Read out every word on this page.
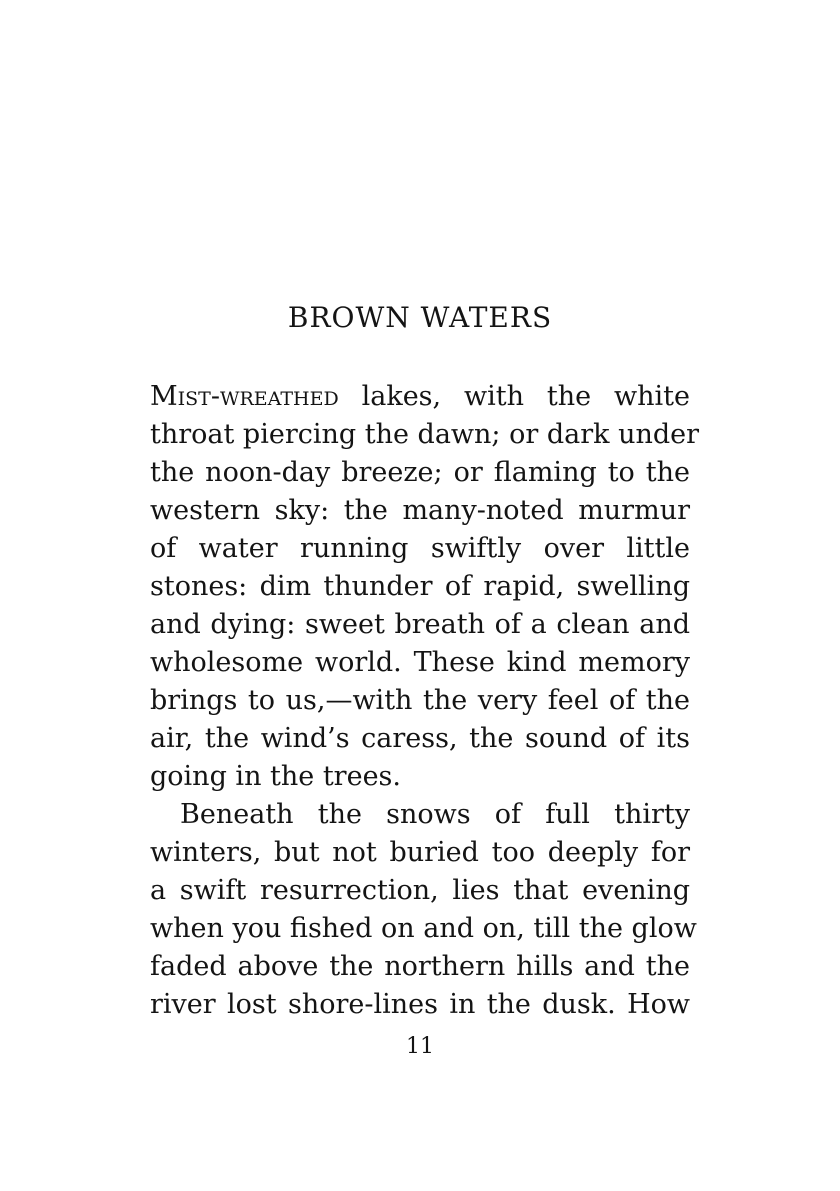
BROWN WATERS
Mist-wreathed lakes, with the white
throat piercing the dawn; or dark under
the noon-day breeze; or flaming to the
western sky: the many-noted murmur
of water running swiftly over little
stones: dim thunder of rapid, swelling
and dying: sweet breath of a clean and
wholesome world. These kind memory
brings to us,—with the very feel of the
air, the wind’s caress, the sound of its
going in the trees.
Beneath the snows of full thirty
winters, but not buried too deeply for
a swift resurrection, lies that evening
when you fished on and on, till the glow
faded above the northern hills and the
river lost shore-lines in the dusk. How
11
